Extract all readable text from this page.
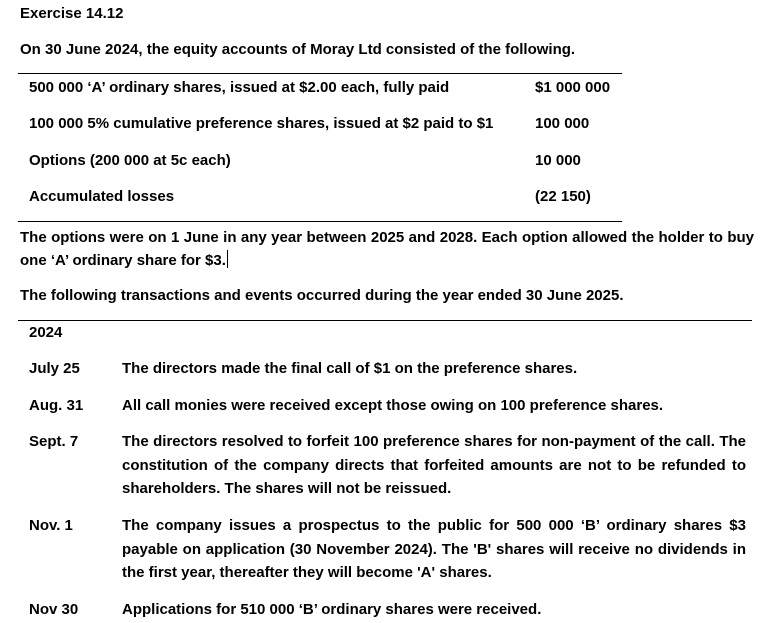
Exercise 14.12
On 30 June 2024, the equity accounts of Moray Ltd consisted of the following.
500 000 ‘A’ ordinary shares, issued at $2.00 each, fully paid	$1 000 000
100 000 5% cumulative preference shares, issued at $2 paid to $1	100 000
Options (200 000 at 5c each)	10 000
Accumulated losses	(22 150)
The options were on 1 June in any year between 2025 and 2028. Each option allowed the holder to buy one ‘A’ ordinary share for $3.
The following transactions and events occurred during the year ended 30 June 2025.
2024
July 25	The directors made the final call of $1 on the preference shares.
Aug. 31	All call monies were received except those owing on 100 preference shares.
Sept. 7	The directors resolved to forfeit 100 preference shares for non-payment of the call. The constitution of the company directs that forfeited amounts are not to be refunded to shareholders. The shares will not be reissued.
Nov. 1	The company issues a prospectus to the public for 500 000 ‘B’ ordinary shares $3 payable on application (30 November 2024). The 'B' shares will receive no dividends in the first year, thereafter they will become 'A' shares.
Nov 30	Applications for 510 000 ‘B’ ordinary shares were received.
